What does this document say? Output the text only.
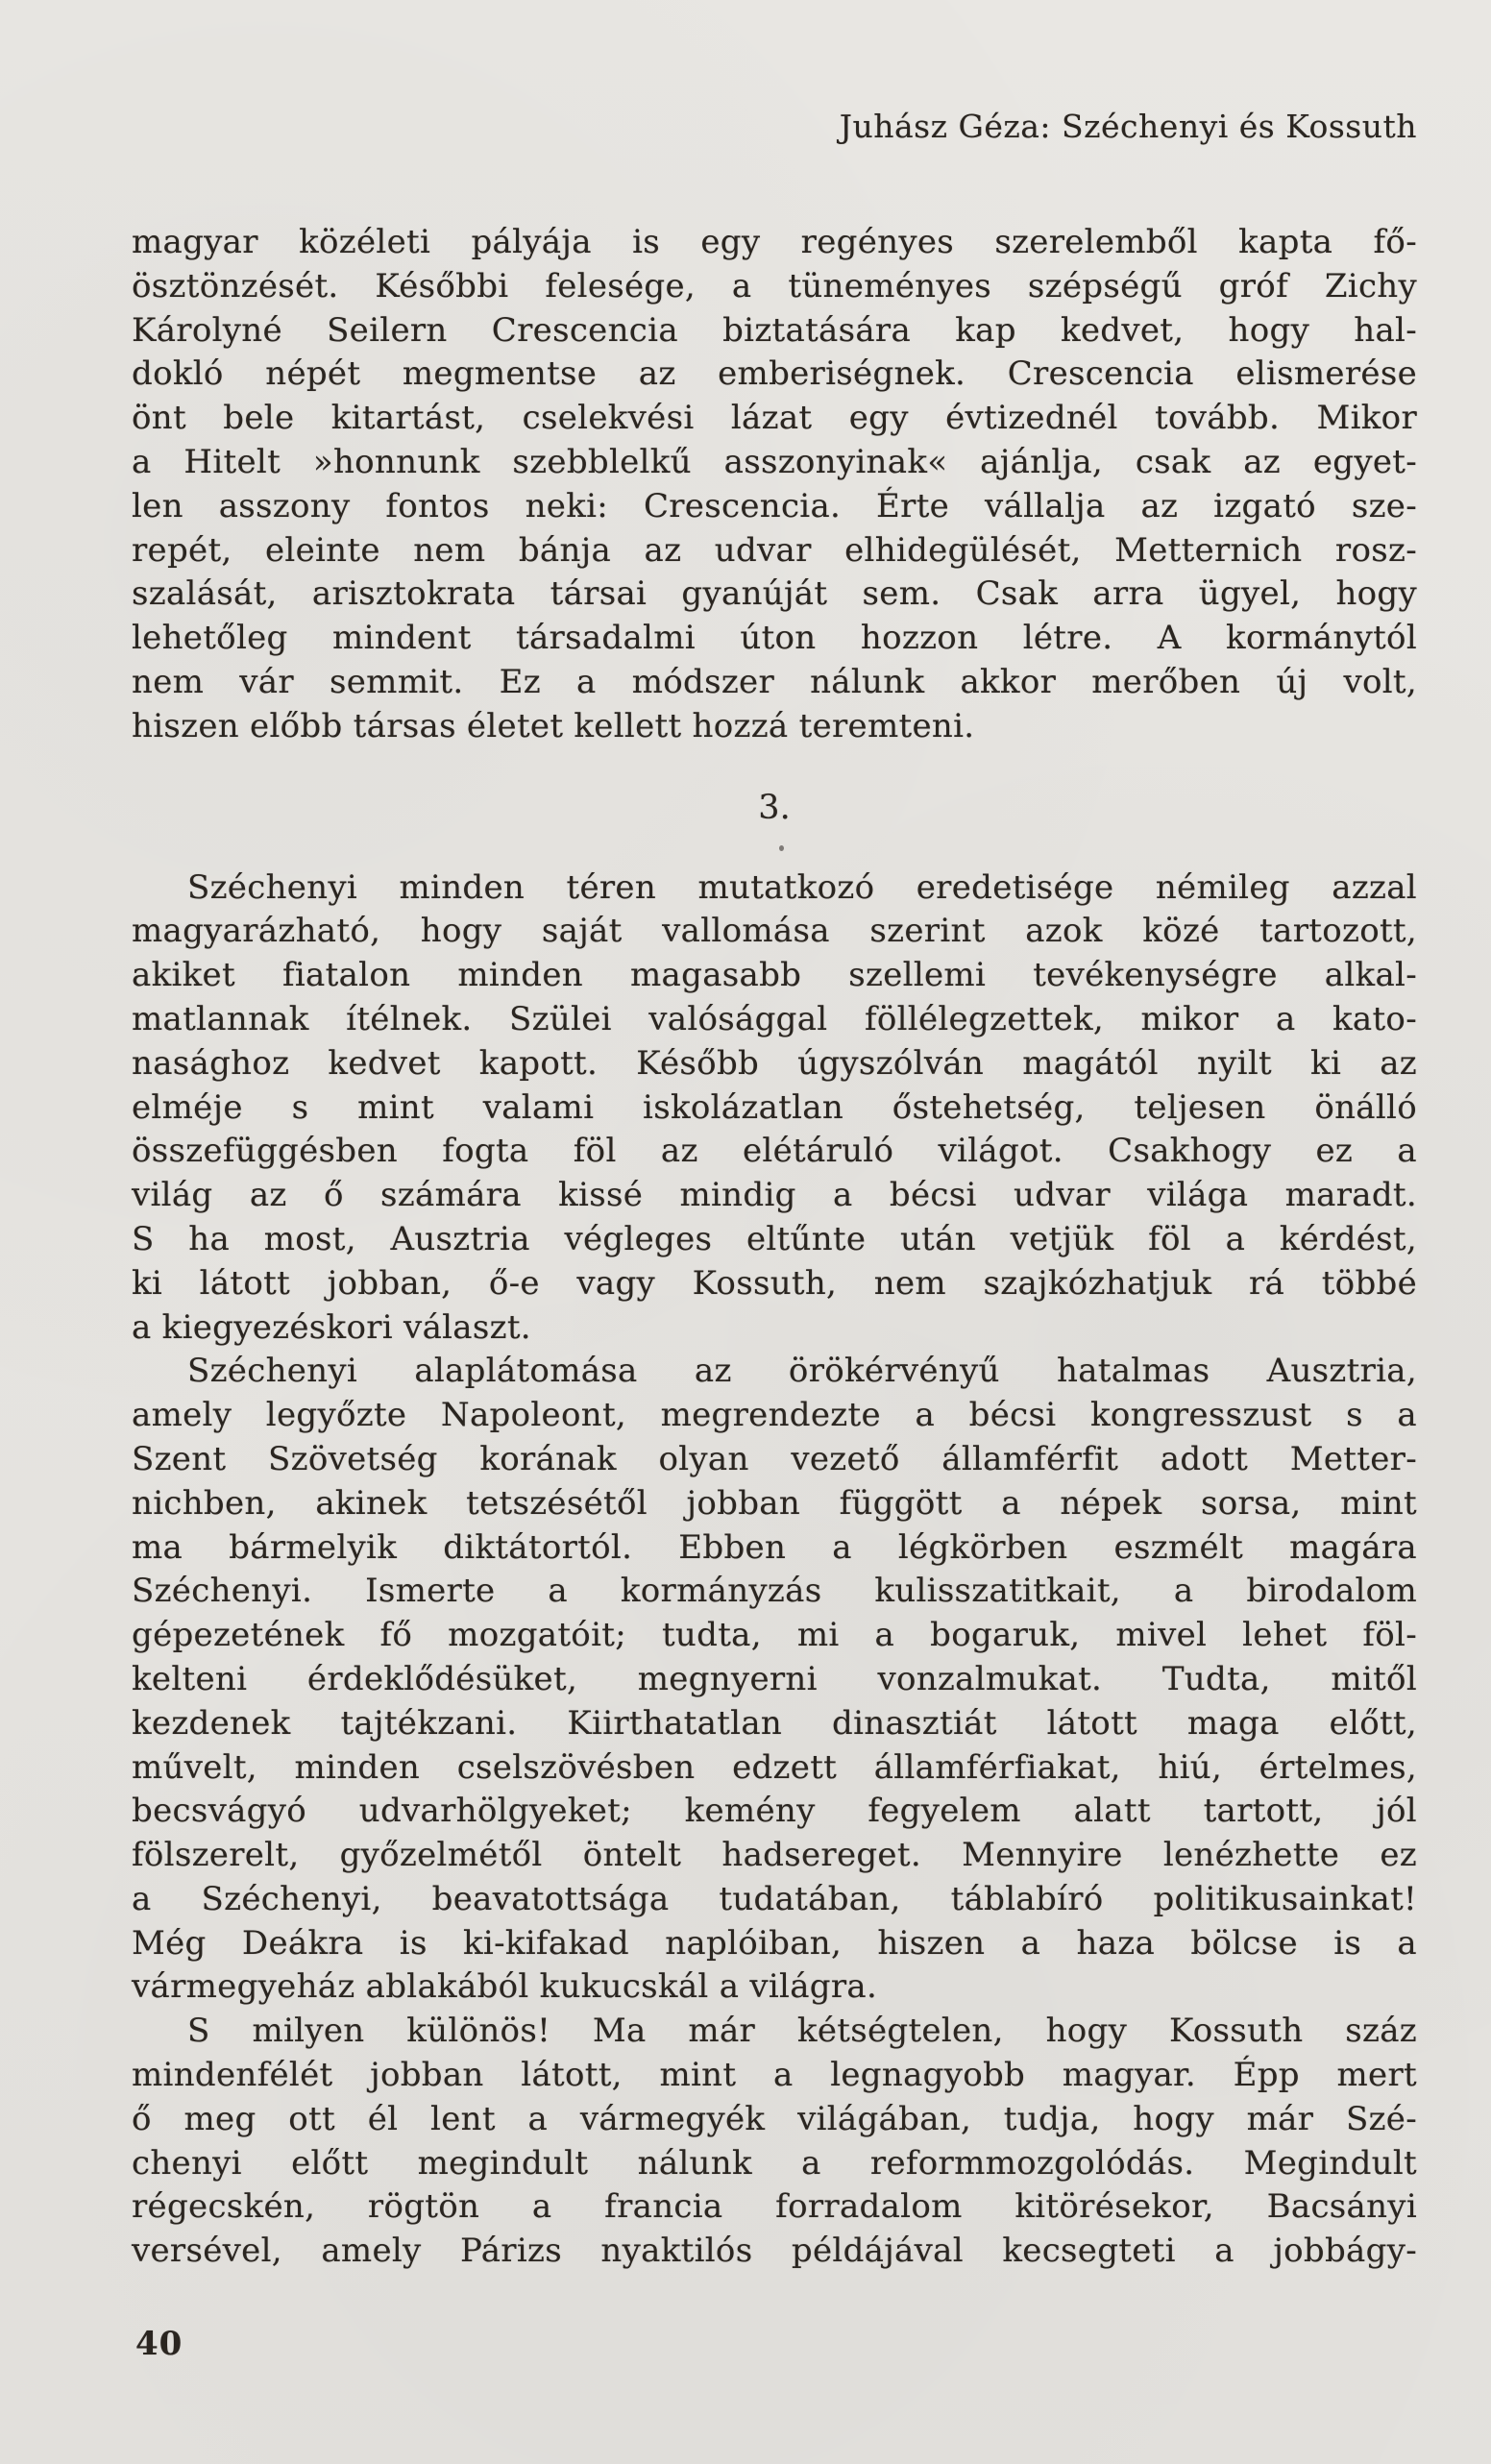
Juhász Géza: Széchenyi és Kossuth
magyar közéleti pályája is egy regényes szerelemből kapta fő-
ösztönzését. Későbbi felesége, a tüneményes szépségű gróf Zichy
Károlyné Seilern Crescencia biztatására kap kedvet, hogy hal-
dokló népét megmentse az emberiségnek. Crescencia elismerése
önt bele kitartást, cselekvési lázat egy évtizednél tovább. Mikor
a Hitelt »honnunk szebblelkű asszonyinak« ajánlja, csak az egyet-
len asszony fontos neki: Crescencia. Érte vállalja az izgató sze-
repét, eleinte nem bánja az udvar elhidegülését, Metternich rosz-
szalását, arisztokrata társai gyanúját sem. Csak arra ügyel, hogy
lehetőleg mindent társadalmi úton hozzon létre. A kormánytól
nem vár semmit. Ez a módszer nálunk akkor merőben új volt,
hiszen előbb társas életet kellett hozzá teremteni.
3.
Széchenyi minden téren mutatkozó eredetisége némileg azzal
magyarázható, hogy saját vallomása szerint azok közé tartozott,
akiket fiatalon minden magasabb szellemi tevékenységre alkal-
matlannak ítélnek. Szülei valósággal föllélegzettek, mikor a kato-
nasághoz kedvet kapott. Később úgyszólván magától nyilt ki az
elméje s mint valami iskolázatlan őstehetség, teljesen önálló
összefüggésben fogta föl az elétáruló világot. Csakhogy ez a
világ az ő számára kissé mindig a bécsi udvar világa maradt.
S ha most, Ausztria végleges eltűnte után vetjük föl a kérdést,
ki látott jobban, ő-e vagy Kossuth, nem szajkózhatjuk rá többé
a kiegyezéskori választ.
Széchenyi alaplátomása az örökérvényű hatalmas Ausztria,
amely legyőzte Napoleont, megrendezte a bécsi kongresszust s a
Szent Szövetség korának olyan vezető államférfit adott Metter-
nichben, akinek tetszésétől jobban függött a népek sorsa, mint
ma bármelyik diktátortól. Ebben a légkörben eszmélt magára
Széchenyi. Ismerte a kormányzás kulisszatitkait, a birodalom
gépezetének fő mozgatóit; tudta, mi a bogaruk, mivel lehet föl-
kelteni érdeklődésüket, megnyerni vonzalmukat. Tudta, mitől
kezdenek tajtékzani. Kiirthatatlan dinasztiát látott maga előtt,
művelt, minden cselszövésben edzett államférfiakat, hiú, értelmes,
becsvágyó udvarhölgyeket; kemény fegyelem alatt tartott, jól
fölszerelt, győzelmétől öntelt hadsereget. Mennyire lenézhette ez
a Széchenyi, beavatottsága tudatában, táblabíró politikusainkat!
Még Deákra is ki-kifakad naplóiban, hiszen a haza bölcse is a
vármegyeház ablakából kukucskál a világra.
S milyen különös! Ma már kétségtelen, hogy Kossuth száz
mindenfélét jobban látott, mint a legnagyobb magyar. Épp mert
ő meg ott él lent a vármegyék világában, tudja, hogy már Szé-
chenyi előtt megindult nálunk a reformmozgolódás. Megindult
régecskén, rögtön a francia forradalom kitörésekor, Bacsányi
versével, amely Párizs nyaktilós példájával kecsegteti a jobbágy-
40
